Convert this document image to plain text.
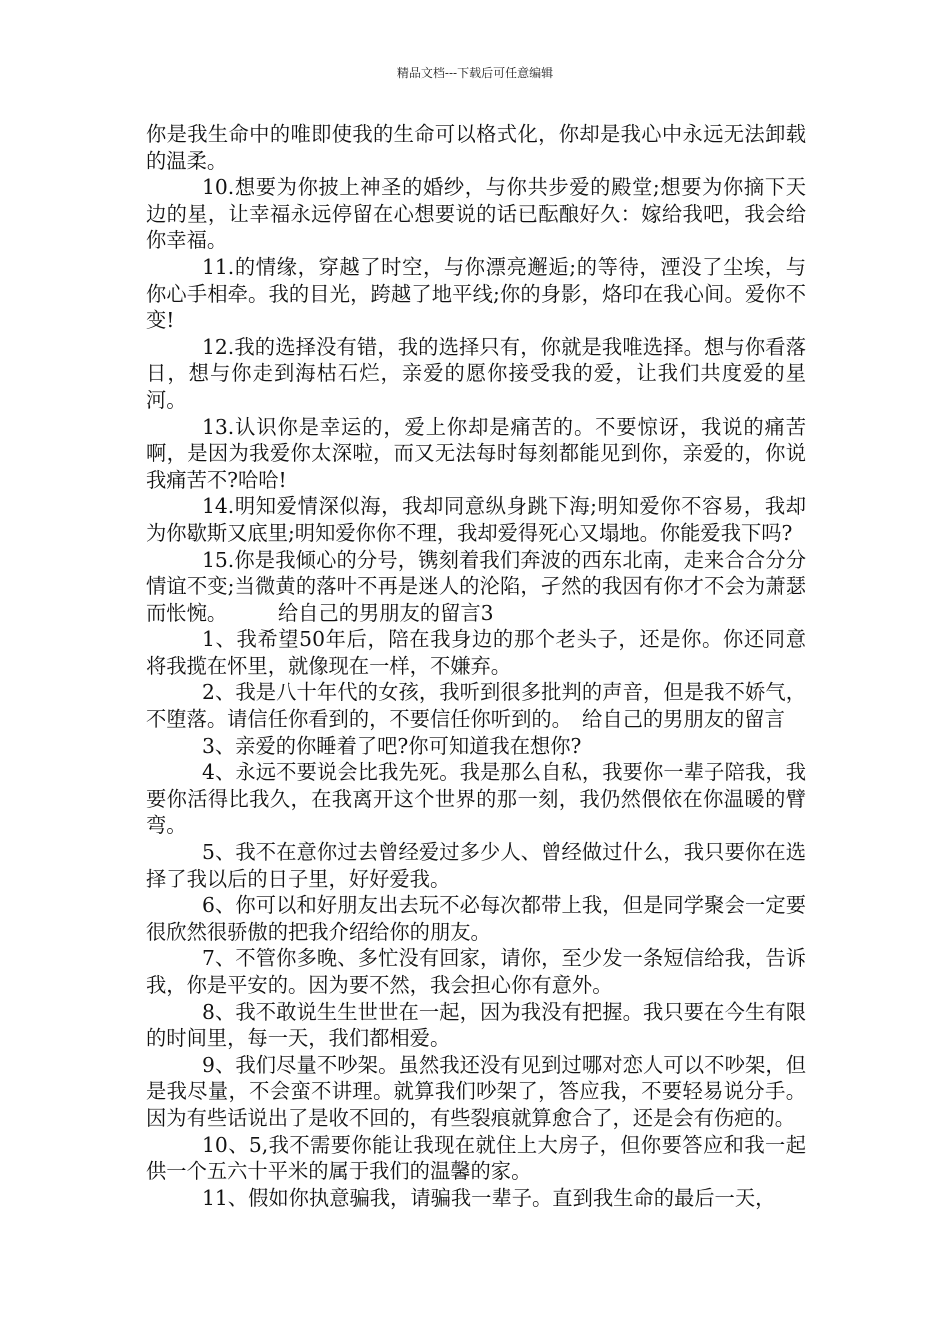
精品文档---下载后可任意编辑

你是我生命中的唯即使我的生命可以格式化，你却是我心中永远无法卸载的温柔。

10.想要为你披上神圣的婚纱，与你共步爱的殿堂;想要为你摘下天边的星，让幸福永远停留在心想要说的话已酝酿好久：嫁给我吧，我会给你幸福。

11.的情缘，穿越了时空，与你漂亮邂逅;的等待，湮没了尘埃，与你心手相牵。我的目光，跨越了地平线;你的身影，烙印在我心间。爱你不变!

12.我的选择没有错，我的选择只有，你就是我唯选择。想与你看落日，想与你走到海枯石烂，亲爱的愿你接受我的爱，让我们共度爱的星河。

13.认识你是幸运的，爱上你却是痛苦的。不要惊讶，我说的痛苦啊，是因为我爱你太深啦，而又无法每时每刻都能见到你，亲爱的，你说我痛苦不?哈哈!

14.明知爱情深似海，我却同意纵身跳下海;明知爱你不容易，我却为你歇斯又底里;明知爱你你不理，我却爱得死心又塌地。你能爱我下吗?

15.你是我倾心的分号，镌刻着我们奔波的西东北南，走来合合分分情谊不变;当微黄的落叶不再是迷人的沦陷，孑然的我因有你才不会为萧瑟而怅惋。　　　给自己的男朋友的留言3

1、我希望50年后，陪在我身边的那个老头子，还是你。你还同意将我揽在怀里，就像现在一样，不嫌弃。

2、我是八十年代的女孩，我听到很多批判的声音，但是我不娇气，不堕落。请信任你看到的，不要信任你听到的。　给自己的男朋友的留言

3、亲爱的你睡着了吧?你可知道我在想你?

4、永远不要说会比我先死。我是那么自私，我要你一辈子陪我，我要你活得比我久，在我离开这个世界的那一刻，我仍然偎依在你温暖的臂弯。

5、我不在意你过去曾经爱过多少人、曾经做过什么，我只要你在选择了我以后的日子里，好好爱我。

6、你可以和好朋友出去玩不必每次都带上我，但是同学聚会一定要很欣然很骄傲的把我介绍给你的朋友。

7、不管你多晚、多忙没有回家，请你，至少发一条短信给我，告诉我，你是平安的。因为要不然，我会担心你有意外。

8、我不敢说生生世世在一起，因为我没有把握。我只要在今生有限的时间里，每一天，我们都相爱。

9、我们尽量不吵架。虽然我还没有见到过哪对恋人可以不吵架，但是我尽量，不会蛮不讲理。就算我们吵架了，答应我，不要轻易说分手。因为有些话说出了是收不回的，有些裂痕就算愈合了，还是会有伤疤的。

10、5,我不需要你能让我现在就住上大房子，但你要答应和我一起供一个五六十平米的属于我们的温馨的家。

11、假如你执意骗我，请骗我一辈子。直到我生命的最后一天，
